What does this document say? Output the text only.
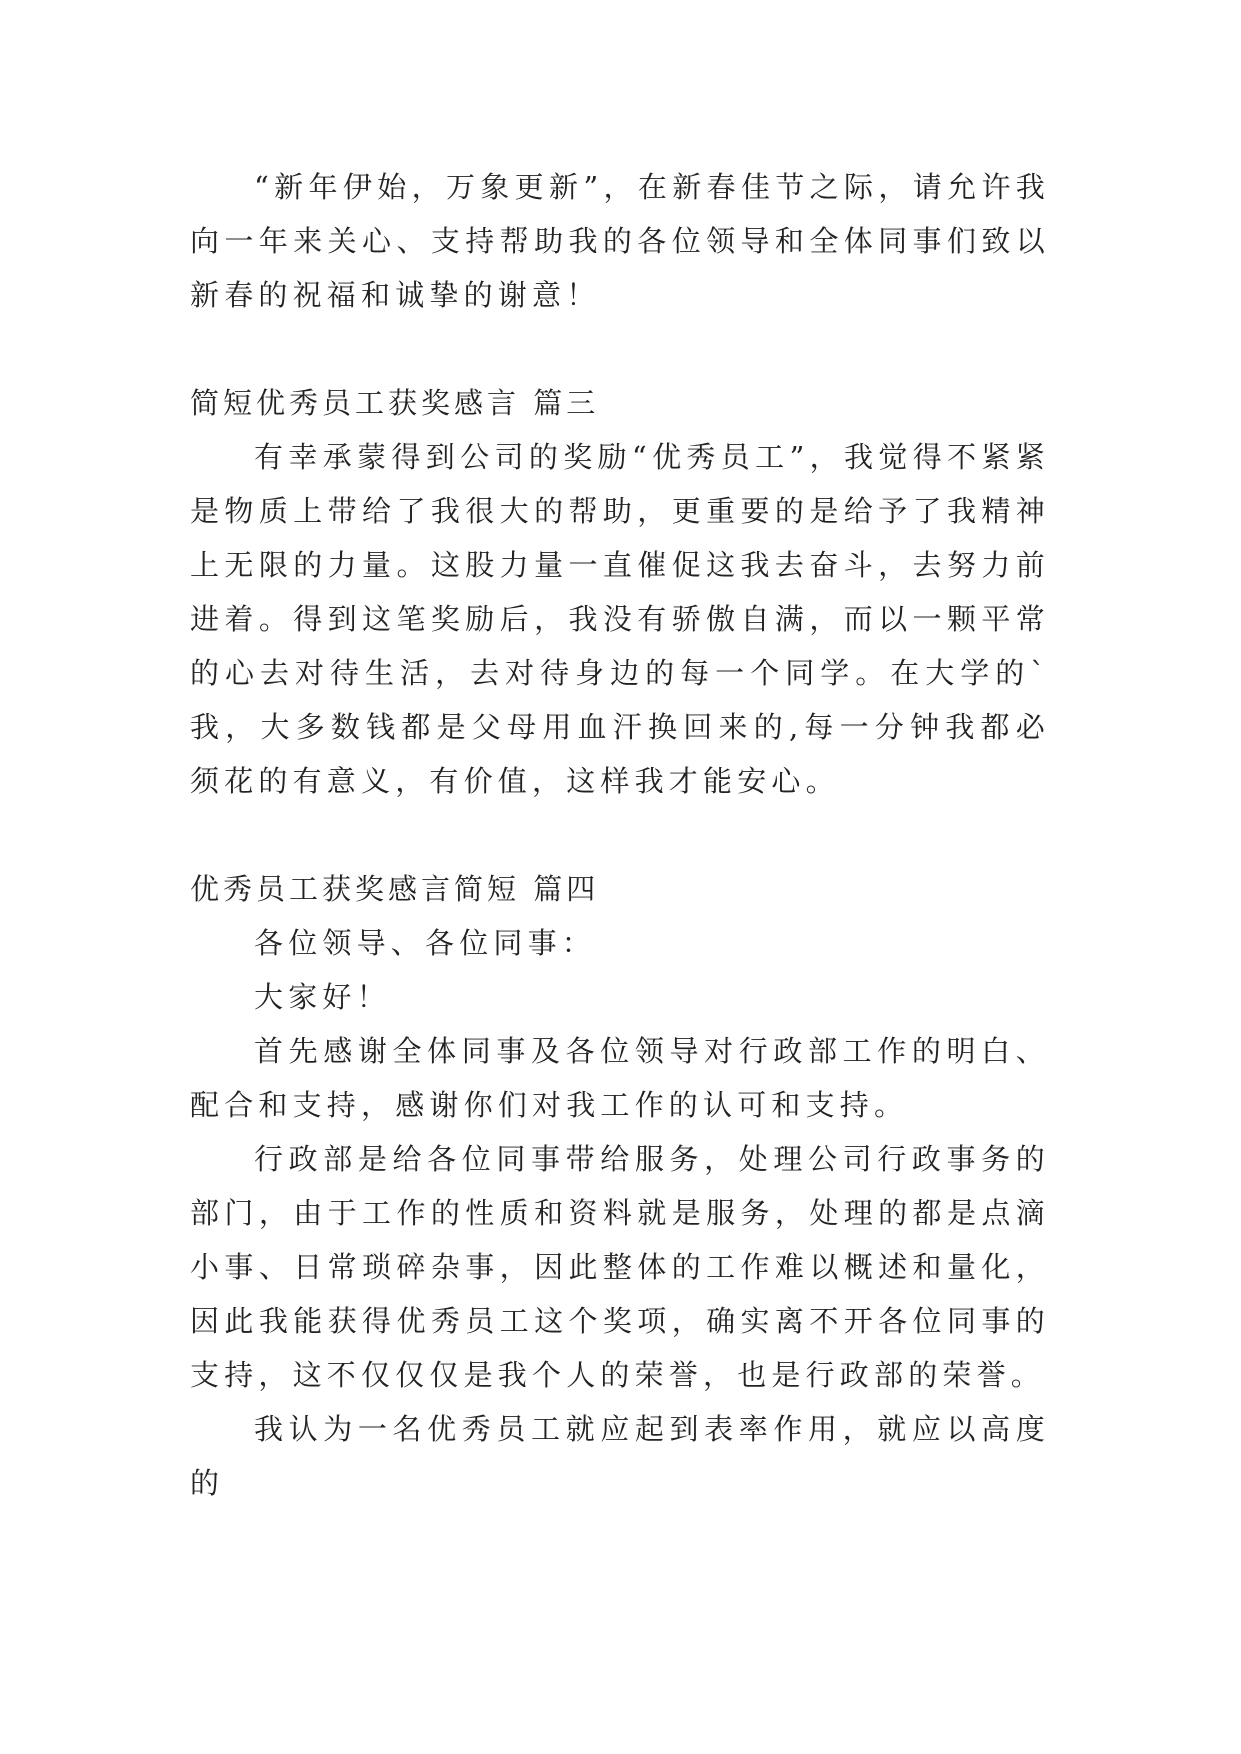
“新年伊始，万象更新”，在新春佳节之际，请允许我向一年来关心、支持帮助我的各位领导和全体同事们致以新春的祝福和诚挚的谢意！

简短优秀员工获奖感言 篇三

有幸承蒙得到公司的奖励“优秀员工”，我觉得不紧紧是物质上带给了我很大的帮助，更重要的是给予了我精神上无限的力量。这股力量一直催促这我去奋斗，去努力前进着。得到这笔奖励后，我没有骄傲自满，而以一颗平常的心去对待生活，去对待身边的每一个同学。在大学的`我，大多数钱都是父母用血汗换回来的,每一分钟我都必须花的有意义，有价值，这样我才能安心。

优秀员工获奖感言简短 篇四

各位领导、各位同事：

大家好！

首先感谢全体同事及各位领导对行政部工作的明白、配合和支持，感谢你们对我工作的认可和支持。

行政部是给各位同事带给服务，处理公司行政事务的部门，由于工作的性质和资料就是服务，处理的都是点滴小事、日常琐碎杂事，因此整体的工作难以概述和量化，因此我能获得优秀员工这个奖项，确实离不开各位同事的支持，这不仅仅仅是我个人的荣誉，也是行政部的荣誉。

我认为一名优秀员工就应起到表率作用，就应以高度的
